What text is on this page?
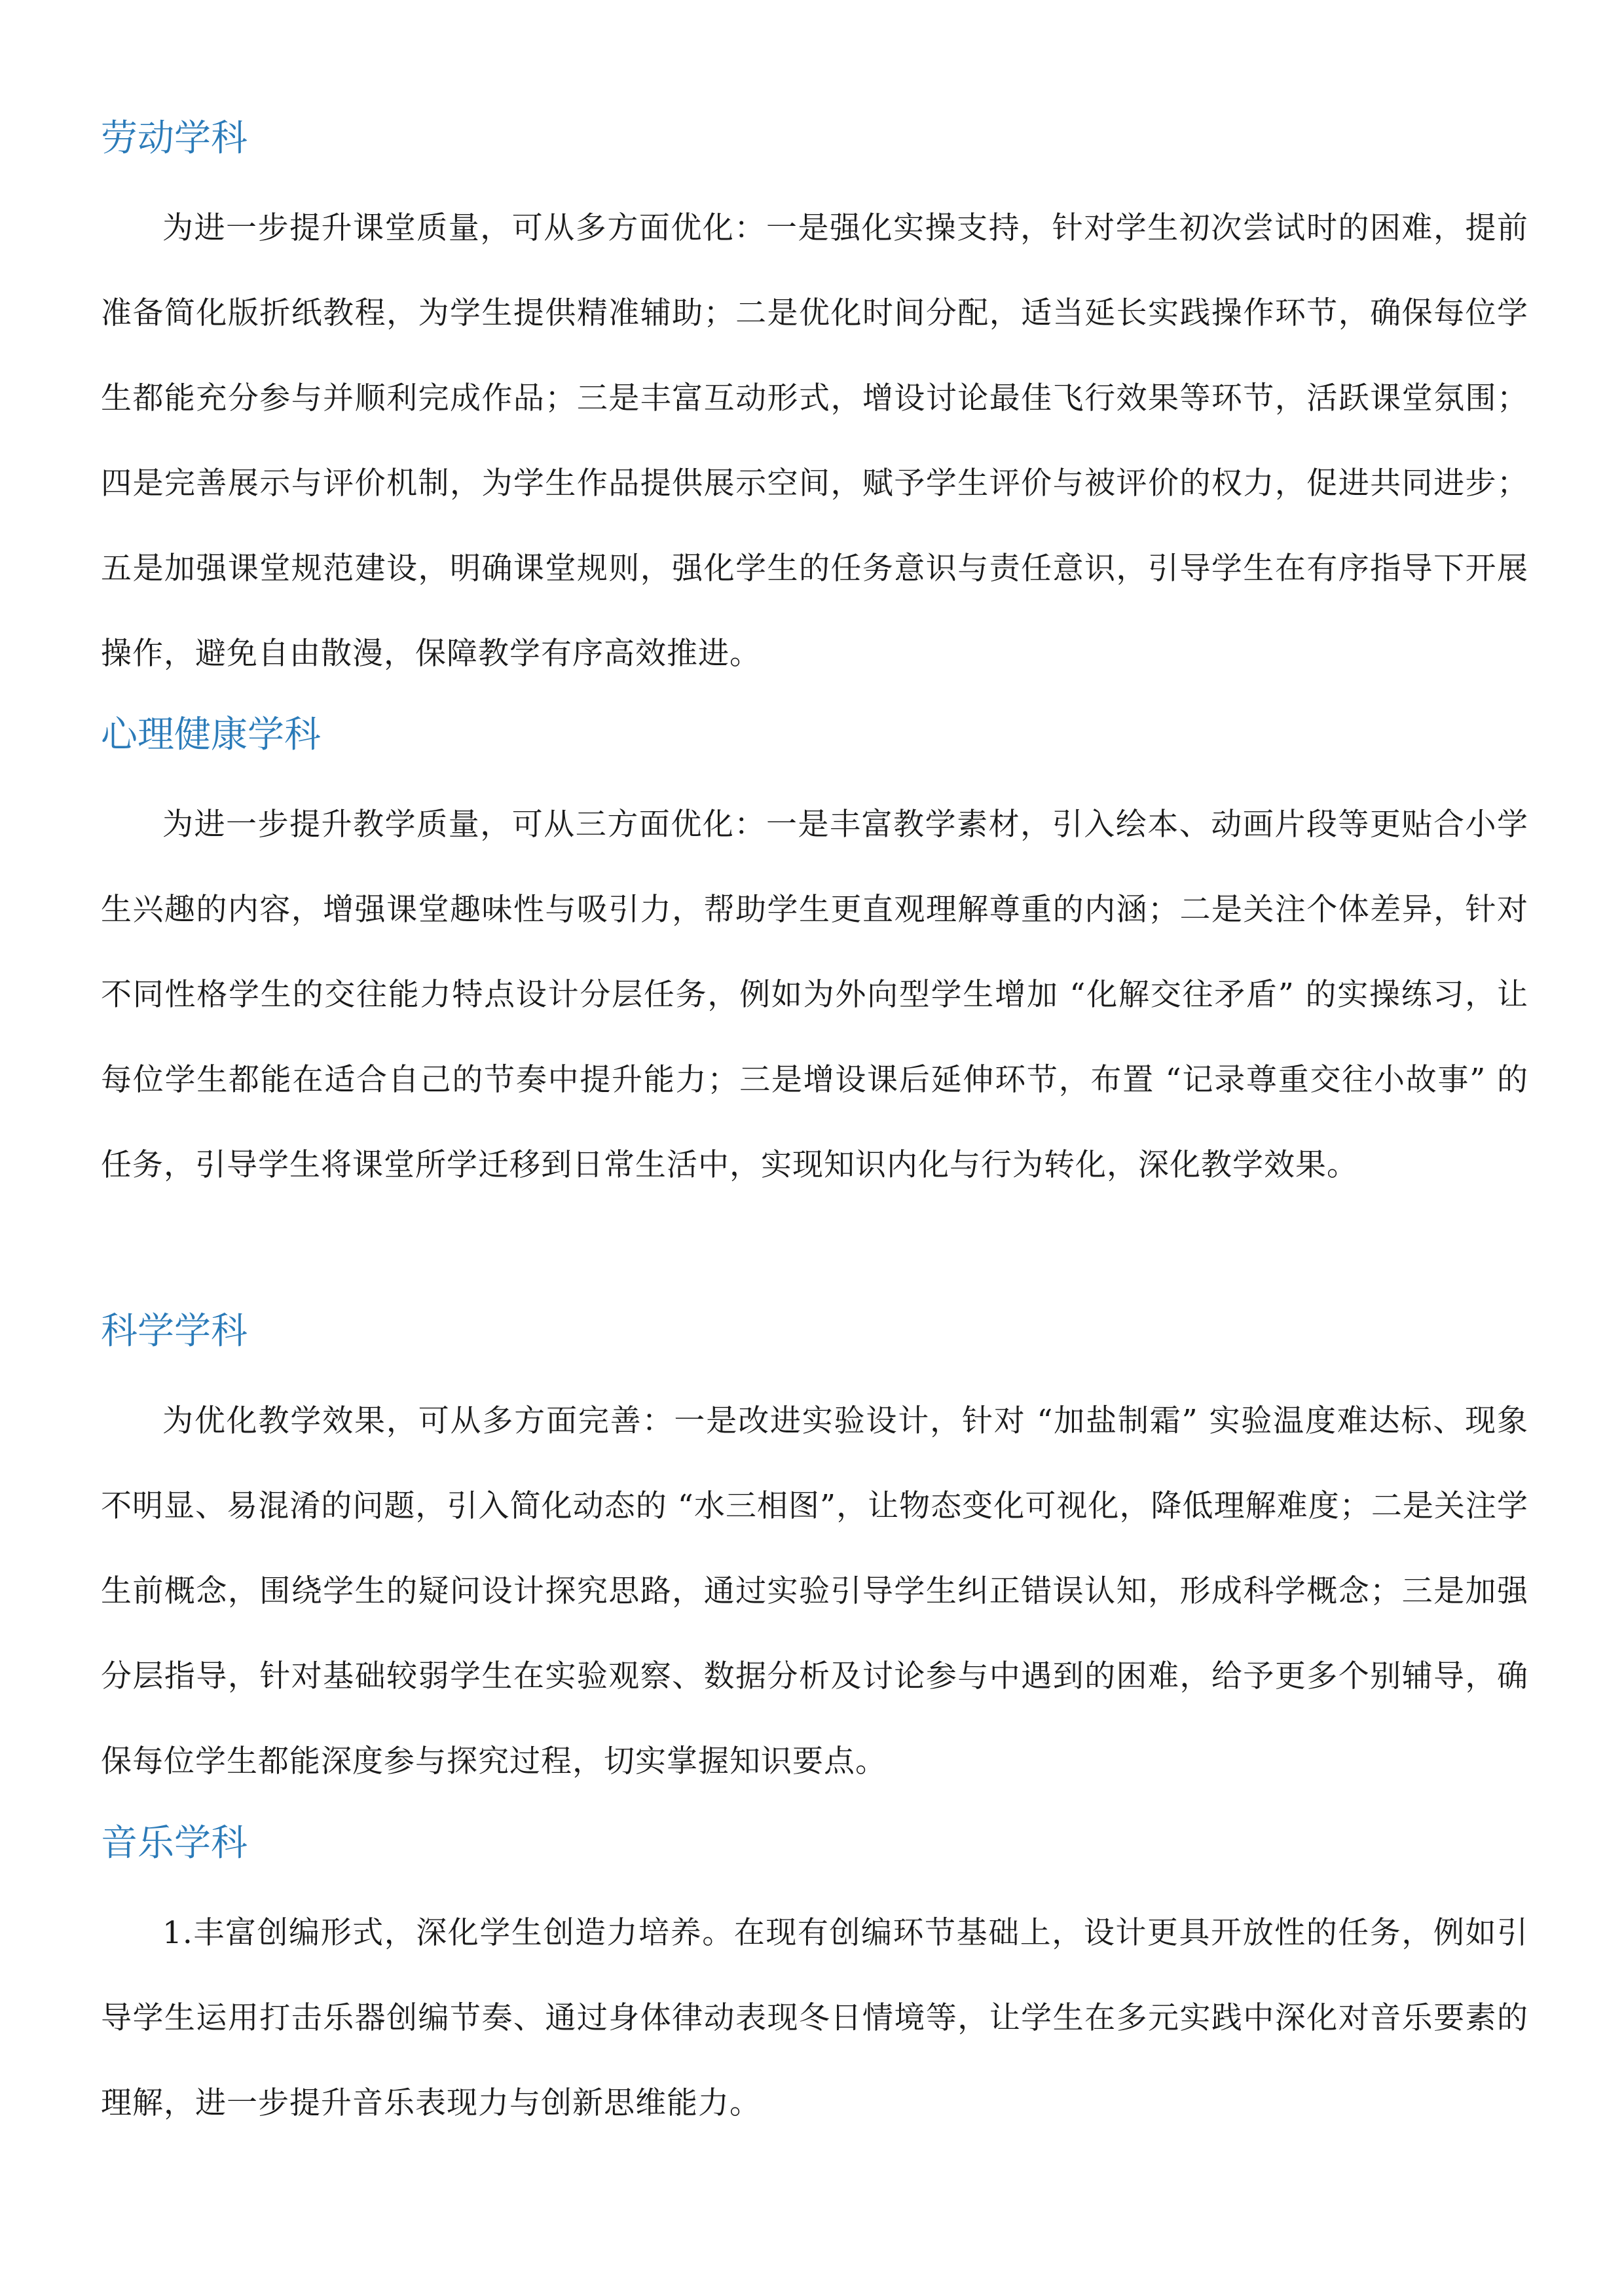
劳动学科

为进一步提升课堂质量，可从多方面优化：一是强化实操支持，针对学生初次尝试时的困难，提前准备简化版折纸教程，为学生提供精准辅助；二是优化时间分配，适当延长实践操作环节，确保每位学生都能充分参与并顺利完成作品；三是丰富互动形式，增设讨论最佳飞行效果等环节，活跃课堂氛围；四是完善展示与评价机制，为学生作品提供展示空间，赋予学生评价与被评价的权力，促进共同进步；五是加强课堂规范建设，明确课堂规则，强化学生的任务意识与责任意识，引导学生在有序指导下开展操作，避免自由散漫，保障教学有序高效推进。

心理健康学科

为进一步提升教学质量，可从三方面优化：一是丰富教学素材，引入绘本、动画片段等更贴合小学生兴趣的内容，增强课堂趣味性与吸引力，帮助学生更直观理解尊重的内涵；二是关注个体差异，针对不同性格学生的交往能力特点设计分层任务，例如为外向型学生增加 “化解交往矛盾” 的实操练习，让每位学生都能在适合自己的节奏中提升能力；三是增设课后延伸环节，布置 “记录尊重交往小故事” 的任务，引导学生将课堂所学迁移到日常生活中，实现知识内化与行为转化，深化教学效果。

科学学科

为优化教学效果，可从多方面完善：一是改进实验设计，针对 “加盐制霜” 实验温度难达标、现象不明显、易混淆的问题，引入简化动态的 “水三相图”，让物态变化可视化，降低理解难度；二是关注学生前概念，围绕学生的疑问设计探究思路，通过实验引导学生纠正错误认知，形成科学概念；三是加强分层指导，针对基础较弱学生在实验观察、数据分析及讨论参与中遇到的困难，给予更多个别辅导，确保每位学生都能深度参与探究过程，切实掌握知识要点。

音乐学科

1.丰富创编形式，深化学生创造力培养。在现有创编环节基础上，设计更具开放性的任务，例如引导学生运用打击乐器创编节奏、通过身体律动表现冬日情境等，让学生在多元实践中深化对音乐要素的理解，进一步提升音乐表现力与创新思维能力。
